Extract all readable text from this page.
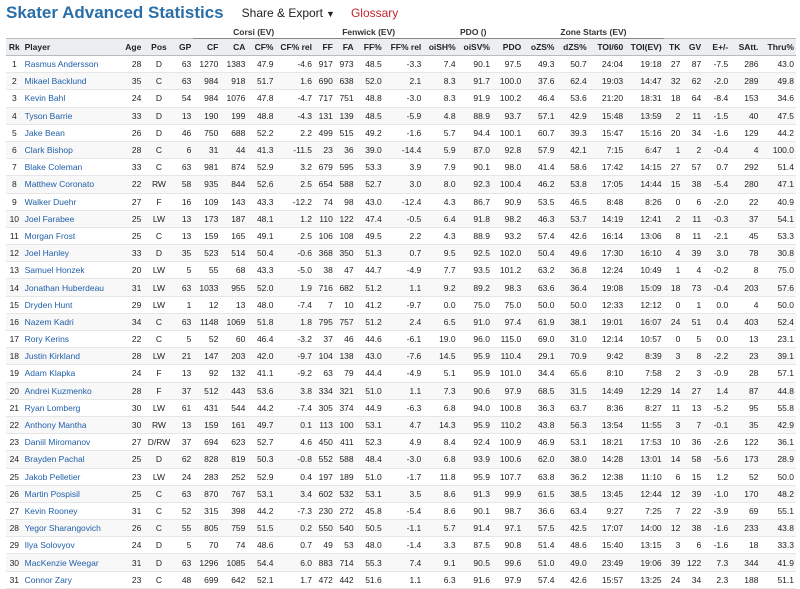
Skater Advanced Statistics Share & Export ▼ Glossary
					Corsi (EV)				Fenwick (EV)				PDO ()			Zone Starts (EV)								
Rk	Player	Age	Pos	GP	CF	CA	CF%	CF% rel	FF	FA	FF%	FF% rel	oiSH%	oiSV%	PDO	oZS%	dZS%	TOI/60	TOI(EV)	TK	GV	E+/-	SAtt.	Thru%
1	Rasmus Andersson	28	D	63	1270	1383	47.9	-4.6	917	973	48.5	-3.3	7.4	90.1	97.5	49.3	50.7	24:04	19:18	27	87	-7.5	286	43.0
2	Mikael Backlund	35	C	63	984	918	51.7	1.6	690	638	52.0	2.1	8.3	91.7	100.0	37.6	62.4	19:03	14:47	32	62	-2.0	289	49.8
3	Kevin Bahl	24	D	54	984	1076	47.8	-4.7	717	751	48.8	-3.0	8.3	91.9	100.2	46.4	53.6	21:20	18:31	18	64	-8.4	153	34.6
4	Tyson Barrie	33	D	13	190	199	48.8	-4.3	131	139	48.5	-5.9	4.8	88.9	93.7	57.1	42.9	15:48	13:59	2	11	-1.5	40	47.5
5	Jake Bean	26	D	46	750	688	52.2	2.2	499	515	49.2	-1.6	5.7	94.4	100.1	60.7	39.3	15:47	15:16	20	34	-1.6	129	44.2
6	Clark Bishop	28	C	6	31	44	41.3	-11.5	23	36	39.0	-14.4	5.9	87.0	92.8	57.9	42.1	7:15	6:47	1	2	-0.4	4	100.0
7	Blake Coleman	33	C	63	981	874	52.9	3.2	679	595	53.3	3.9	7.9	90.1	98.0	41.4	58.6	17:42	14:15	27	57	0.7	292	51.4
8	Matthew Coronato	22	RW	58	935	844	52.6	2.5	654	588	52.7	3.0	8.0	92.3	100.4	46.2	53.8	17:05	14:44	15	38	-5.4	280	47.1
9	Walker Duehr	27	F	16	109	143	43.3	-12.2	74	98	43.0	-12.4	4.3	86.7	90.9	53.5	46.5	8:48	8:26	0	6	-2.0	22	40.9
10	Joel Farabee	25	LW	13	173	187	48.1	1.2	110	122	47.4	-0.5	6.4	91.8	98.2	46.3	53.7	14:19	12:41	2	11	-0.3	37	54.1
11	Morgan Frost	25	C	13	159	165	49.1	2.5	106	108	49.5	2.2	4.3	88.9	93.2	57.4	42.6	16:14	13:06	8	11	-2.1	45	53.3
12	Joel Hanley	33	D	35	523	514	50.4	-0.6	368	350	51.3	0.7	9.5	92.5	102.0	50.4	49.6	17:30	16:10	4	39	3.0	78	30.8
13	Samuel Honzek	20	LW	5	55	68	43.3	-5.0	38	47	44.7	-4.9	7.7	93.5	101.2	63.2	36.8	12:24	10:49	1	4	-0.2	8	75.0
14	Jonathan Huberdeau	31	LW	63	1033	955	52.0	1.9	716	682	51.2	1.1	9.2	89.2	98.3	63.6	36.4	19:08	15:09	18	73	-0.4	203	57.6
15	Dryden Hunt	29	LW	1	12	13	48.0	-7.4	7	10	41.2	-9.7	0.0	75.0	75.0	50.0	50.0	12:33	12:12	0	1	0.0	4	50.0
16	Nazem Kadri	34	C	63	1148	1069	51.8	1.8	795	757	51.2	2.4	6.5	91.0	97.4	61.9	38.1	19:01	16:07	24	51	0.4	403	52.4
17	Rory Kerins	22	C	5	52	60	46.4	-3.2	37	46	44.6	-6.1	19.0	96.0	115.0	69.0	31.0	12:14	10:57	0	5	0.0	13	23.1
18	Justin Kirkland	28	LW	21	147	203	42.0	-9.7	104	138	43.0	-7.6	14.5	95.9	110.4	29.1	70.9	9:42	8:39	3	8	-2.2	23	39.1
19	Adam Klapka	24	F	13	92	132	41.1	-9.2	63	79	44.4	-4.9	5.1	95.9	101.0	34.4	65.6	8:10	7:58	2	3	-0.9	28	57.1
20	Andrei Kuzmenko	28	F	37	512	443	53.6	3.8	334	321	51.0	1.1	7.3	90.6	97.9	68.5	31.5	14:49	12:29	14	27	1.4	87	44.8
21	Ryan Lomberg	30	LW	61	431	544	44.2	-7.4	305	374	44.9	-6.3	6.8	94.0	100.8	36.3	63.7	8:36	8:27	11	13	-5.2	95	55.8
22	Anthony Mantha	30	RW	13	159	161	49.7	0.1	113	100	53.1	4.7	14.3	95.9	110.2	43.8	56.3	13:54	11:55	3	7	-0.1	35	42.9
23	Daniil Miromanov	27	D/RW	37	694	623	52.7	4.6	450	411	52.3	4.9	8.4	92.4	100.9	46.9	53.1	18:21	17:53	10	36	-2.6	122	36.1
24	Brayden Pachal	25	D	62	828	819	50.3	-0.8	552	588	48.4	-3.0	6.8	93.9	100.6	62.0	38.0	14:28	13:01	14	58	-5.6	173	28.9
25	Jakob Pelletier	23	LW	24	283	252	52.9	0.4	197	189	51.0	-1.7	11.8	95.9	107.7	63.8	36.2	12:38	11:10	6	15	1.2	52	50.0
26	Martin Pospisil	25	C	63	870	767	53.1	3.4	602	532	53.1	3.5	8.6	91.3	99.9	61.5	38.5	13:45	12:44	12	39	-1.0	170	48.2
27	Kevin Rooney	31	C	52	315	398	44.2	-7.3	230	272	45.8	-5.4	8.6	90.1	98.7	36.6	63.4	9:27	7:25	7	22	-3.9	69	55.1
28	Yegor Sharangovich	26	C	55	805	759	51.5	0.2	550	540	50.5	-1.1	5.7	91.4	97.1	57.5	42.5	17:07	14:00	12	38	-1.6	233	43.8
29	Ilya Solovyov	24	D	5	70	74	48.6	0.7	49	53	48.0	-1.4	3.3	87.5	90.8	51.4	48.6	15:40	13:15	3	6	-1.6	18	33.3
30	MacKenzie Weegar	31	D	63	1296	1085	54.4	6.0	883	714	55.3	7.4	9.1	90.5	99.6	51.0	49.0	23:49	19:06	39	122	7.3	344	41.9
31	Connor Zary	23	C	48	699	642	52.1	1.7	472	442	51.6	1.1	6.3	91.6	97.9	57.4	42.6	15:57	13:25	24	34	2.3	188	51.1
